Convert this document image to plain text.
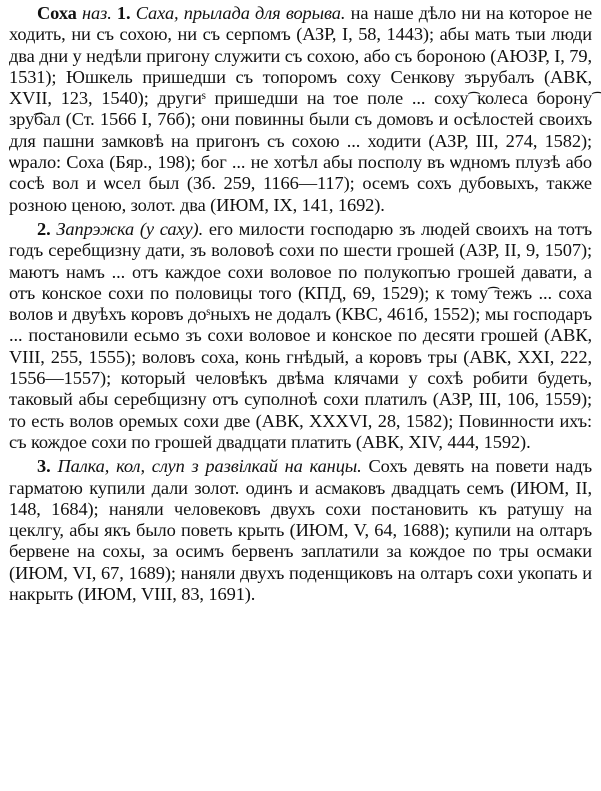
Соха наз. 1. Саха, прылада для ворыва. на наше дѣло ни на которое не ходить, ни съ сохою, ни съ серпомъ (АЗР, I, 58, 1443); абы мать тыи люди два дни у недѣли пригону служити съ сохою, або съ бороною (АЮЗР, I, 79, 1531); Юшкель пришедши съ топоромъ соху Сенкову зърубалъ (АВК, XVII, 123, 1540); другиˢ пришедши на тое поле ... соху͡ колеса борону͡ зру͡бал (Ст. 1566 I, 76б); они повинны были съ домовъ и осѣлостей своихъ для пашни замковѣ на пригонъ съ сохою ... ходити (АЗР, III, 274, 1582); ѡрало: Соха (Бяр., 198); бог ... не хотѣл абы посполу въ ѡдномъ плузѣ або сосѣ вол и ѡсел был (Зб. 259, 1166—117); осемъ сохъ дубовыхъ, также розною ценою, золот. два (ИЮМ, IX, 141, 1692).

2. Запрэжка (у саху). его милости господарю зъ людей своихъ на тотъ годъ серебщизну дати, зъ воловоѣ сохи по шести грошей (АЗР, II, 9, 1507); маютъ намъ ... отъ каждое сохи воловое по полукопъю грошей давати, а отъ конское сохи по половицы того (КПД, 69, 1529); к тому͡ тежъ ... соха волов и двуѣхъ коровъ доˢныхъ не додалъ (КВС, 461б, 1552); мы господаръ ... постановили есьмо зъ сохи воловое и конское по десяти грошей (АВК, VIII, 255, 1555); воловъ соха, конь гнѣдый, а коровъ тры (АВК, XXI, 222, 1556—1557); который человѣкъ двѣма клячами у сохѣ робити будеть, таковый абы серебщизну отъ суполноѣ сохи платилъ (АЗР, III, 106, 1559); то есть волов оремых сохи две (АВК, XXXVI, 28, 1582); Повинности ихъ: съ кождое сохи по грошей двадцати платить (АВК, XIV, 444, 1592).

3. Палка, кол, слуп з развілкай на канцы. Сохъ девять на повети надъ гарматою купили дали золот. одинъ и асмаковъ двадцать семъ (ИЮМ, II, 148, 1684); наняли человековъ двухъ сохи постановить къ ратушу на цеклгу, абы якъ было поветь крыть (ИЮМ, V, 64, 1688); купили на олтаръ бервене на сохы, за осимъ бервенъ заплатили за кождое по тры осмаки (ИЮМ, VI, 67, 1689); наняли двухъ поденщиковъ на олтаръ сохи укопать и накрыть (ИЮМ, VIII, 83, 1691).
